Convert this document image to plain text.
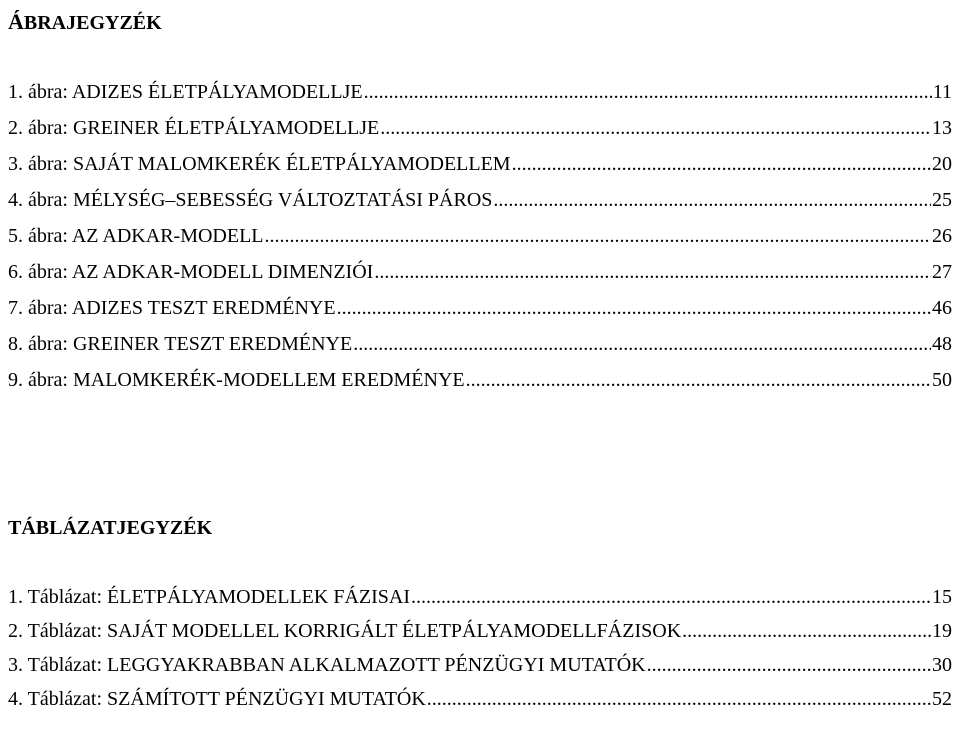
ÁBRAJEGYZÉK
1. ábra: ADIZES ÉLETPÁLYAMODELLJE .....	11
2. ábra: GREINER ÉLETPÁLYAMODELLJE .....	13
3. ábra: SAJÁT MALOMKERÉK ÉLETPÁLYAMODELLEM .....	20
4. ábra: MÉLYSÉG–SEBESSÉG VÁLTOZTATÁSI PÁROS .....	25
5. ábra: AZ ADKAR-MODELL .....	26
6. ábra: AZ ADKAR-MODELL DIMENZIÓI .....	27
7. ábra: ADIZES TESZT EREDMÉNYE .....	46
8. ábra: GREINER TESZT EREDMÉNYE .....	48
9. ábra: MALOMKERÉK-MODELLEM EREDMÉNYE .....	50
TÁBLÁZATJEGYZÉK
1. Táblázat: ÉLETPÁLYAMODELLEK FÁZISAI .....	15
2. Táblázat: SAJÁT MODELLEL KORRIGÁLT ÉLETPÁLYAMODELLFÁZISOK .....	19
3. Táblázat: LEGGYAKRABBAN ALKALMAZOTT PÉNZÜGYI MUTATÓK .....	30
4. Táblázat: SZÁMÍTOTT PÉNZÜGYI MUTATÓK .....	52
